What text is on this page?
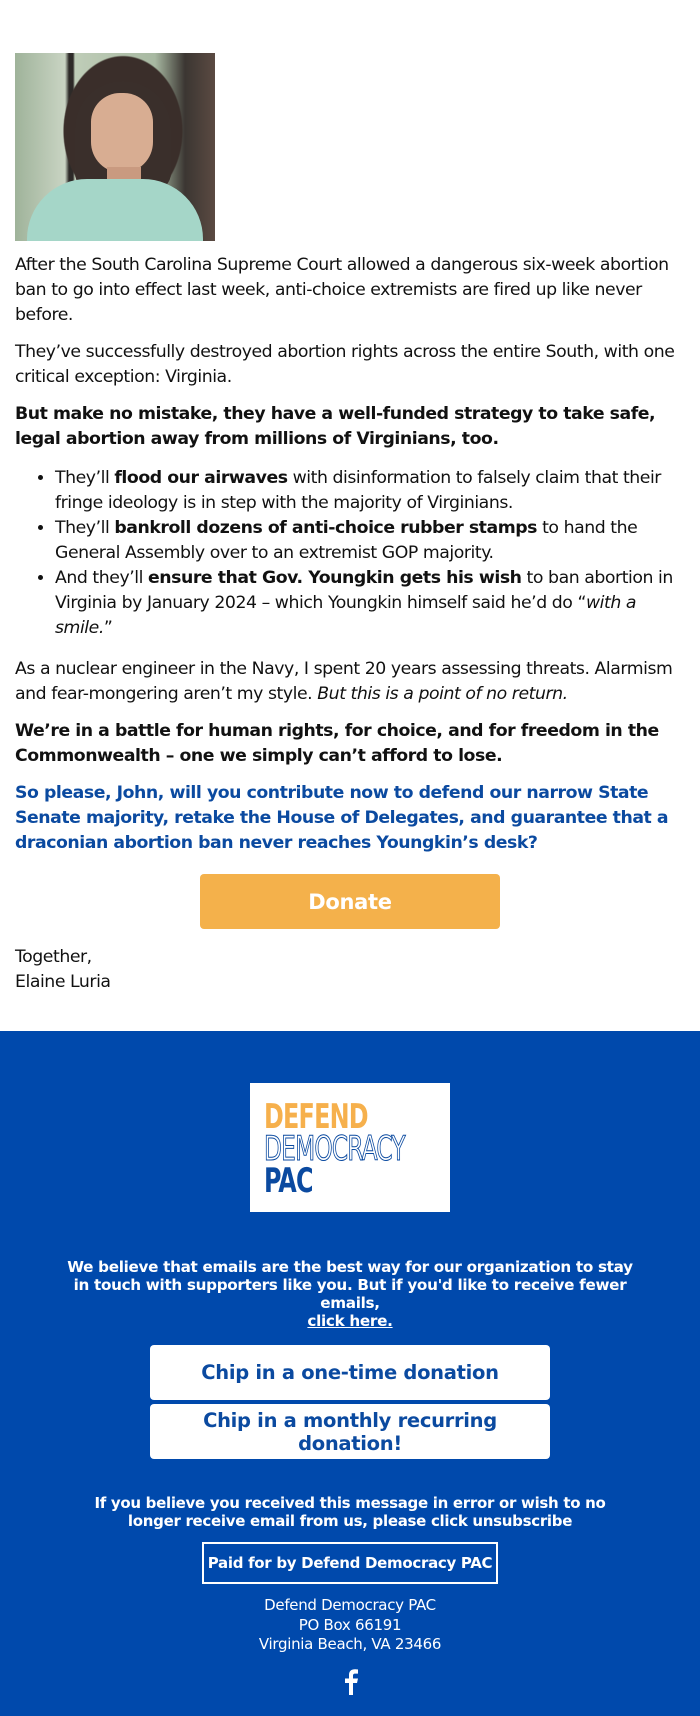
After the South Carolina Supreme Court allowed a dangerous six-week abortion ban to go into effect last week, anti-choice extremists are fired up like never before.

They’ve successfully destroyed abortion rights across the entire South, with one critical exception: Virginia.

But make no mistake, they have a well-funded strategy to take safe, legal abortion away from millions of Virginians, too.

• They’ll flood our airwaves with disinformation to falsely claim that their fringe ideology is in step with the majority of Virginians.
• They’ll bankroll dozens of anti-choice rubber stamps to hand the General Assembly over to an extremist GOP majority.
• And they’ll ensure that Gov. Youngkin gets his wish to ban abortion in Virginia by January 2024 – which Youngkin himself said he’d do “with a smile.”

As a nuclear engineer in the Navy, I spent 20 years assessing threats. Alarmism and fear-mongering aren’t my style. But this is a point of no return.

We’re in a battle for human rights, for choice, and for freedom in the Commonwealth – one we simply can’t afford to lose.

So please, John, will you contribute now to defend our narrow State Senate majority, retake the House of Delegates, and guarantee that a draconian abortion ban never reaches Youngkin’s desk?

Donate
Together,
Elaine Luria
DEFEND
DEMOCRACY
PAC
We believe that emails are the best way for our organization to stay in touch with supporters like you. But if you'd like to receive fewer emails,
click here.
Chip in a one-time donation
Chip in a monthly recurring donation!
If you believe you received this message in error or wish to no longer receive email from us, please click unsubscribe
Paid for by Defend Democracy PAC
Defend Democracy PAC
PO Box 66191
Virginia Beach, VA 23466
